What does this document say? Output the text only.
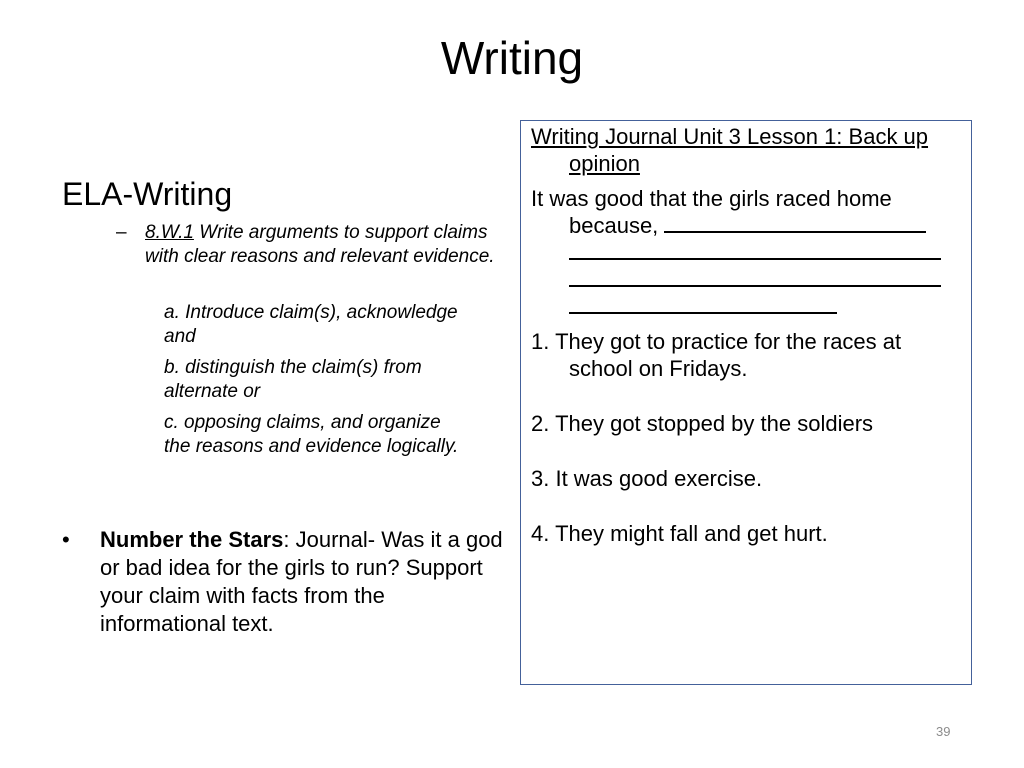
Writing
ELA-Writing
– 8.W.1 Write arguments to support claims with clear reasons and relevant evidence.
a. Introduce claim(s), acknowledge and
b. distinguish the claim(s) from alternate or
c. opposing claims, and organize the reasons and evidence logically.
• Number the Stars: Journal- Was it a god or bad idea for the girls to run? Support your claim with facts from the informational text.
Writing Journal Unit 3 Lesson 1: Back up opinion
It was good that the girls raced home because,
1. They got to practice for the races at school on Fridays.
2. They got stopped by the soldiers
3. It was good exercise.
4. They might fall and get hurt.
39
